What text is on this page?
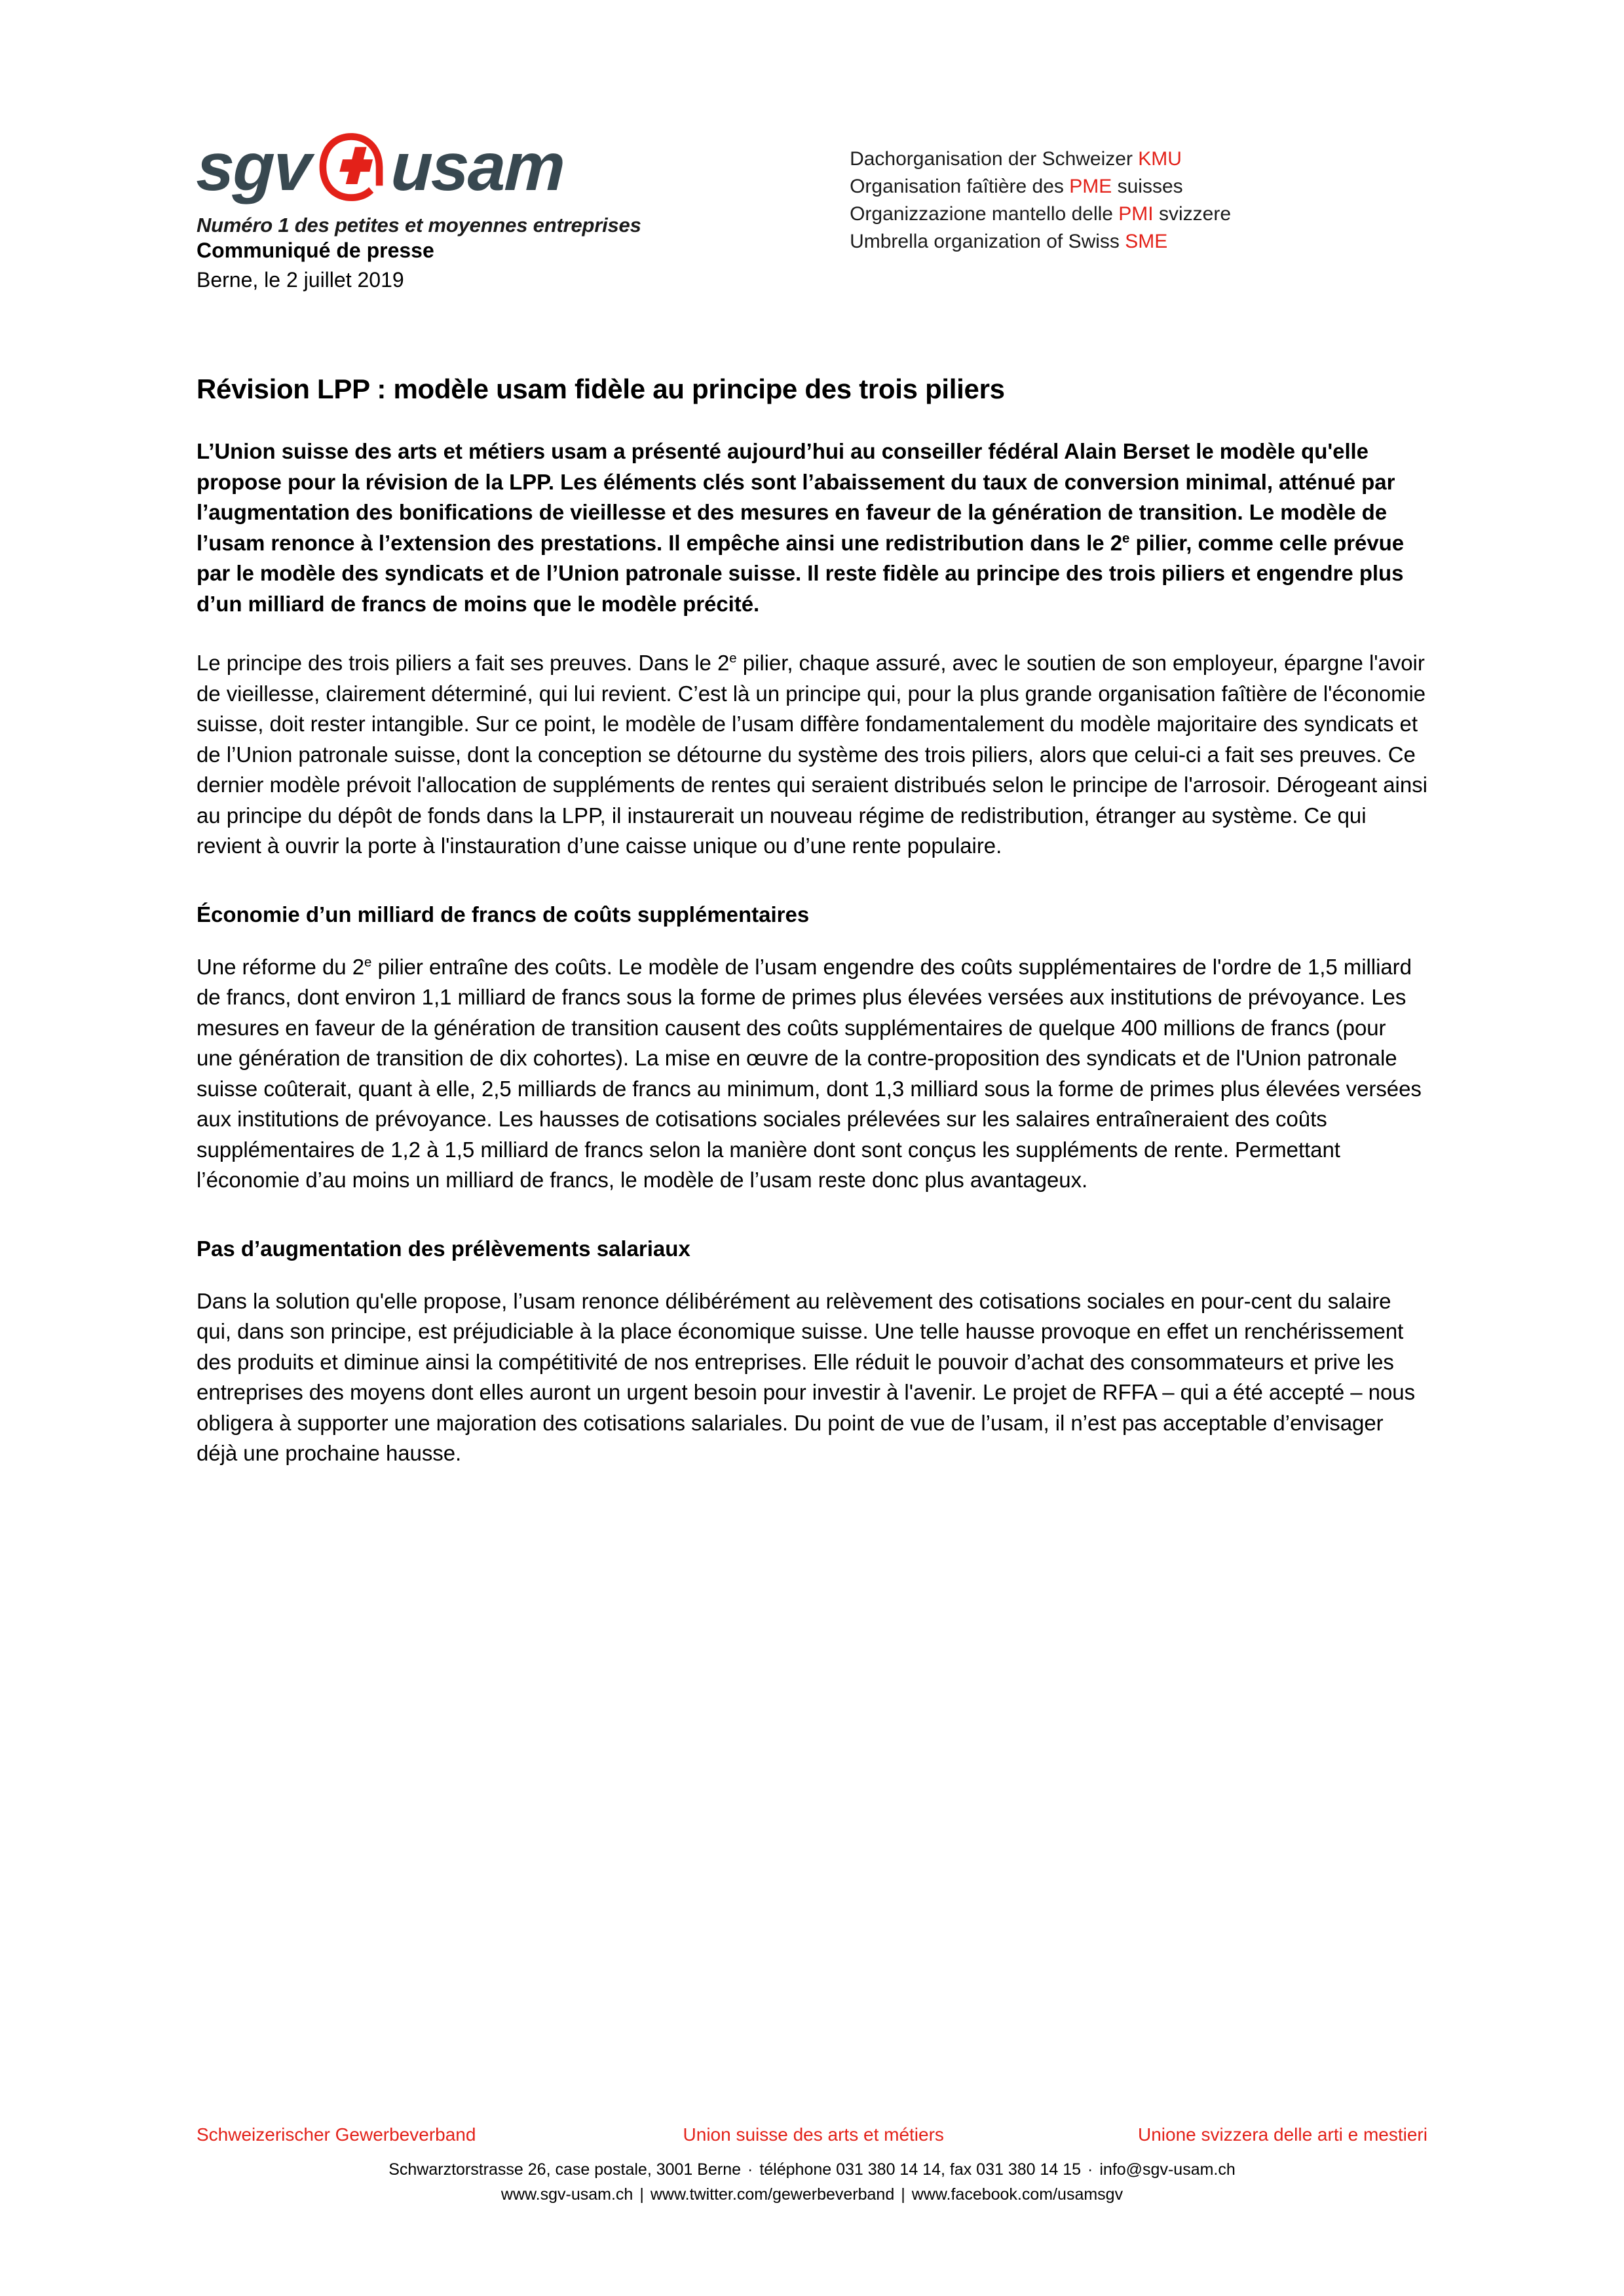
sgv usam
Numéro 1 des petites et moyennes entreprises
Dachorganisation der Schweizer KMU
Organisation faîtière des PME suisses
Organizzazione mantello delle PMI svizzere
Umbrella organization of Swiss SME
Communiqué de presse
Berne, le 2 juillet 2019
Révision LPP : modèle usam fidèle au principe des trois piliers

L’Union suisse des arts et métiers usam a présenté aujourd’hui au conseiller fédéral Alain Berset le modèle qu'elle propose pour la révision de la LPP. Les éléments clés sont l’abaissement du taux de conversion minimal, atténué par l’augmentation des bonifications de vieillesse et des mesures en faveur de la génération de transition. Le modèle de l’usam renonce à l’extension des prestations. Il empêche ainsi une redistribution dans le 2e pilier, comme celle prévue par le modèle des syndicats et de l’Union patronale suisse. Il reste fidèle au principe des trois piliers et engendre plus d’un milliard de francs de moins que le modèle précité.

Le principe des trois piliers a fait ses preuves. Dans le 2e pilier, chaque assuré, avec le soutien de son employeur, épargne l'avoir de vieillesse, clairement déterminé, qui lui revient. C’est là un principe qui, pour la plus grande organisation faîtière de l'économie suisse, doit rester intangible. Sur ce point, le modèle de l’usam diffère fondamentalement du modèle majoritaire des syndicats et de l’Union patronale suisse, dont la conception se détourne du système des trois piliers, alors que celui-ci a fait ses preuves. Ce dernier modèle prévoit l'allocation de suppléments de rentes qui seraient distribués selon le principe de l'arrosoir. Dérogeant ainsi au principe du dépôt de fonds dans la LPP, il instaurerait un nouveau régime de redistribution, étranger au système. Ce qui revient à ouvrir la porte à l'instauration d’une caisse unique ou d’une rente populaire.

Économie d’un milliard de francs de coûts supplémentaires

Une réforme du 2e pilier entraîne des coûts. Le modèle de l’usam engendre des coûts supplémentaires de l'ordre de 1,5 milliard de francs, dont environ 1,1 milliard de francs sous la forme de primes plus élevées versées aux institutions de prévoyance. Les mesures en faveur de la génération de transition causent des coûts supplémentaires de quelque 400 millions de francs (pour une génération de transition de dix cohortes). La mise en œuvre de la contre-proposition des syndicats et de l'Union patronale suisse coûterait, quant à elle, 2,5 milliards de francs au minimum, dont 1,3 milliard sous la forme de primes plus élevées versées aux institutions de prévoyance. Les hausses de cotisations sociales prélevées sur les salaires entraîneraient des coûts supplémentaires de 1,2 à 1,5 milliard de francs selon la manière dont sont conçus les suppléments de rente. Permettant l’économie d’au moins un milliard de francs, le modèle de l’usam reste donc plus avantageux.

Pas d’augmentation des prélèvements salariaux

Dans la solution qu'elle propose, l’usam renonce délibérément au relèvement des cotisations sociales en pour-cent du salaire qui, dans son principe, est préjudiciable à la place économique suisse. Une telle hausse provoque en effet un renchérissement des produits et diminue ainsi la compétitivité de nos entreprises. Elle réduit le pouvoir d’achat des consommateurs et prive les entreprises des moyens dont elles auront un urgent besoin pour investir à l'avenir. Le projet de RFFA – qui a été accepté – nous obligera à supporter une majoration des cotisations salariales. Du point de vue de l’usam, il n’est pas acceptable d’envisager déjà une prochaine hausse.

Schweizerischer Gewerbeverband	Union suisse des arts et métiers	Unione svizzera delle arti e mestieri
Schwarztorstrasse 26, case postale, 3001 Berne · téléphone 031 380 14 14, fax 031 380 14 15 · info@sgv-usam.ch
www.sgv-usam.ch | www.twitter.com/gewerbeverband | www.facebook.com/usamsgv
